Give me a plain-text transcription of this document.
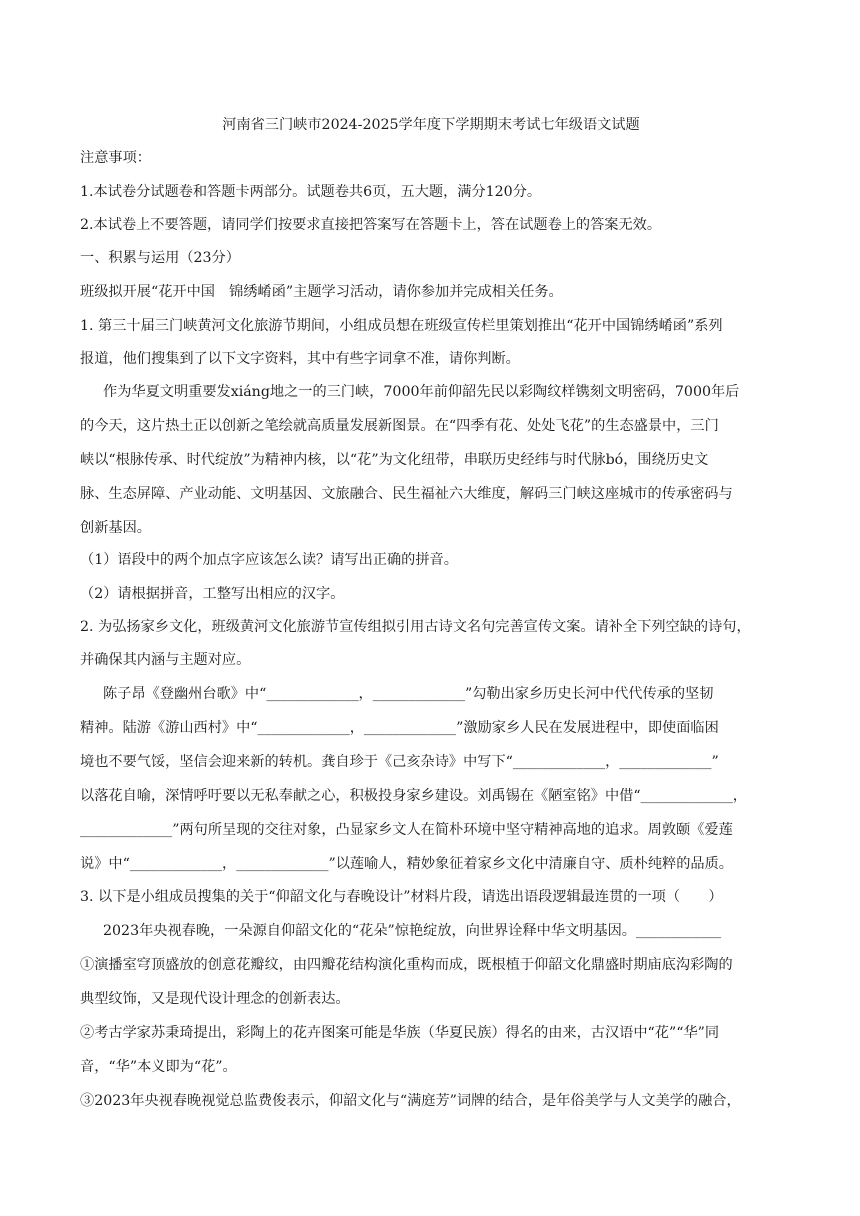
河南省三门峡市2024-2025学年度下学期期末考试七年级语文试题
注意事项：
1.本试卷分试题卷和答题卡两部分。试题卷共6页，五大题，满分120分。
2.本试卷上不要答题，请同学们按要求直接把答案写在答题卡上，答在试题卷上的答案无效。
一、积累与运用（23分）
班级拟开展“花开中国　锦绣崤函”主题学习活动，请你参加并完成相关任务。
1. 第三十届三门峡黄河文化旅游节期间，小组成员想在班级宣传栏里策划推出“花开中国锦绣崤函”系列
报道，他们搜集到了以下文字资料，其中有些字词拿不准，请你判断。
作为华夏文明重要发xiáng地之一的三门峡，7000年前仰韶先民以彩陶纹样镌刻文明密码，7000年后
的今天，这片热土正以创新之笔绘就高质量发展新图景。在“四季有花、处处飞花”的生态盛景中，三门
峡以“根脉传承、时代绽放”为精神内核，以“花”为文化纽带，串联历史经纬与时代脉bó，围绕历史文
脉、生态屏障、产业动能、文明基因、文旅融合、民生福祉六大维度，解码三门峡这座城市的传承密码与
创新基因。
（1）语段中的两个加点字应该怎么读？请写出正确的拼音。
（2）请根据拼音，工整写出相应的汉字。
2. 为弘扬家乡文化，班级黄河文化旅游节宣传组拟引用古诗文名句完善宣传文案。请补全下列空缺的诗句，
并确保其内涵与主题对应。
陈子昂《登幽州台歌》中“_____________，_____________”勾勒出家乡历史长河中代代传承的坚韧
精神。陆游《游山西村》中“_____________，_____________”激励家乡人民在发展进程中，即使面临困
境也不要气馁，坚信会迎来新的转机。龚自珍于《己亥杂诗》中写下“_____________，_____________”
以落花自喻，深情呼吁要以无私奉献之心，积极投身家乡建设。刘禹锡在《陋室铭》中借“_____________，
_____________”两句所呈现的交往对象，凸显家乡文人在简朴环境中坚守精神高地的追求。周敦颐《爱莲
说》中“_____________，_____________”以莲喻人，精妙象征着家乡文化中清廉自守、质朴纯粹的品质。
3. 以下是小组成员搜集的关于“仰韶文化与春晚设计”材料片段，请选出语段逻辑最连贯的一项（　　）
2023年央视春晚，一朵源自仰韶文化的“花朵”惊艳绽放，向世界诠释中华文明基因。____________
①演播室穹顶盛放的创意花瓣纹，由四瓣花结构演化重构而成，既根植于仰韶文化鼎盛时期庙底沟彩陶的
典型纹饰，又是现代设计理念的创新表达。
②考古学家苏秉琦提出，彩陶上的花卉图案可能是华族（华夏民族）得名的由来，古汉语中“花”“华”同
音，“华”本义即为“花”。
③2023年央视春晚视觉总监费俊表示，仰韶文化与“满庭芳”词牌的结合，是年俗美学与人文美学的融合，
